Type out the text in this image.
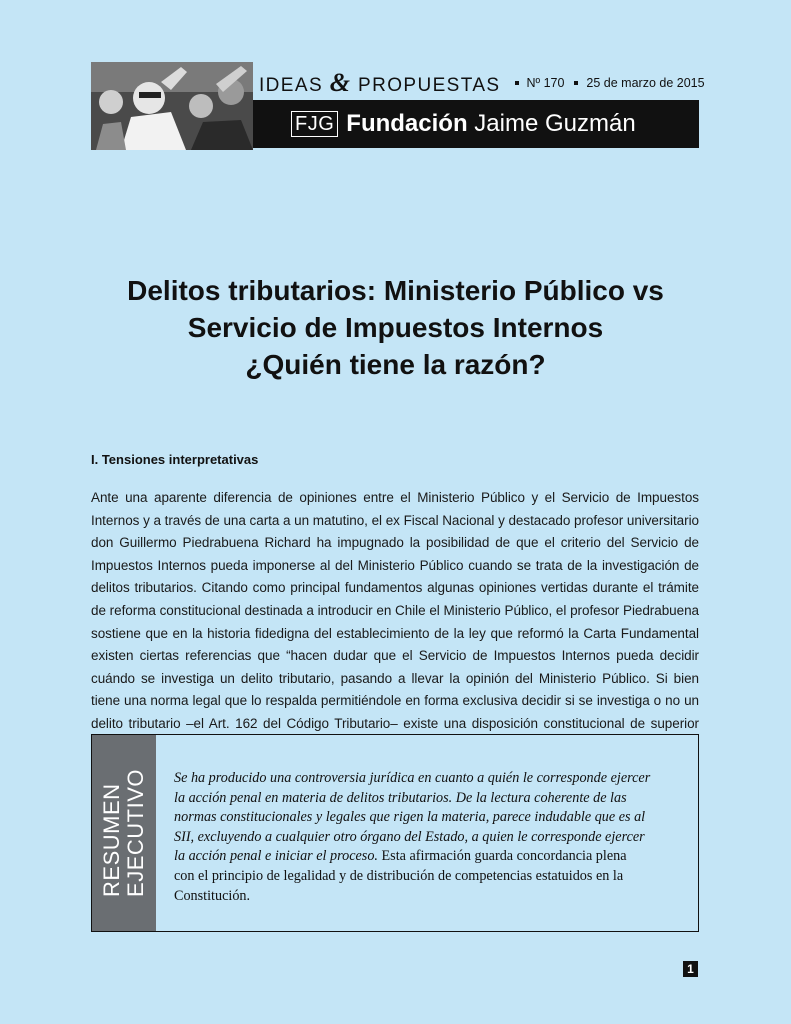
IDEAS & PROPUESTAS Nº 170 25 de marzo de 2015
FJG Fundación Jaime Guzmán
Delitos tributarios: Ministerio Público vs
Servicio de Impuestos Internos
¿Quién tiene la razón?
I. Tensiones interpretativas
Ante una aparente diferencia de opiniones entre el Ministerio Público y el Servicio de Impuestos
Internos y a través de una carta a un matutino, el ex Fiscal Nacional y destacado profesor universitario
don Guillermo Piedrabuena Richard ha impugnado la posibilidad de que el criterio del Servicio de
Impuestos Internos pueda imponerse al del Ministerio Público cuando se trata de la investigación de
delitos tributarios. Citando como principal fundamentos algunas opiniones vertidas durante el trámite
de reforma constitucional destinada a introducir en Chile el Ministerio Público, el profesor Piedrabuena
sostiene que en la historia fidedigna del establecimiento de la ley que reformó la Carta Fundamental
existen ciertas referencias que “hacen dudar que el Servicio de Impuestos Internos pueda decidir
cuándo se investiga un delito tributario, pasando a llevar la opinión del Ministerio Público. Si bien
tiene una norma legal que lo respalda permitiéndole en forma exclusiva decidir si se investiga o no un
delito tributario –el Art. 162 del Código Tributario– existe una disposición constitucional de superior
RESUMEN EJECUTIVO Se ha producido una controversia jurídica en cuanto a quién le corresponde ejercer
la acción penal en materia de delitos tributarios. De la lectura coherente de las
normas constitucionales y legales que rigen la materia, parece indudable que es al
SII, excluyendo a cualquier otro órgano del Estado, a quien le corresponde ejercer
la acción penal e iniciar el proceso. Esta afirmación guarda concordancia plena
con el principio de legalidad y de distribución de competencias estatuidos en la
Constitución.
1
